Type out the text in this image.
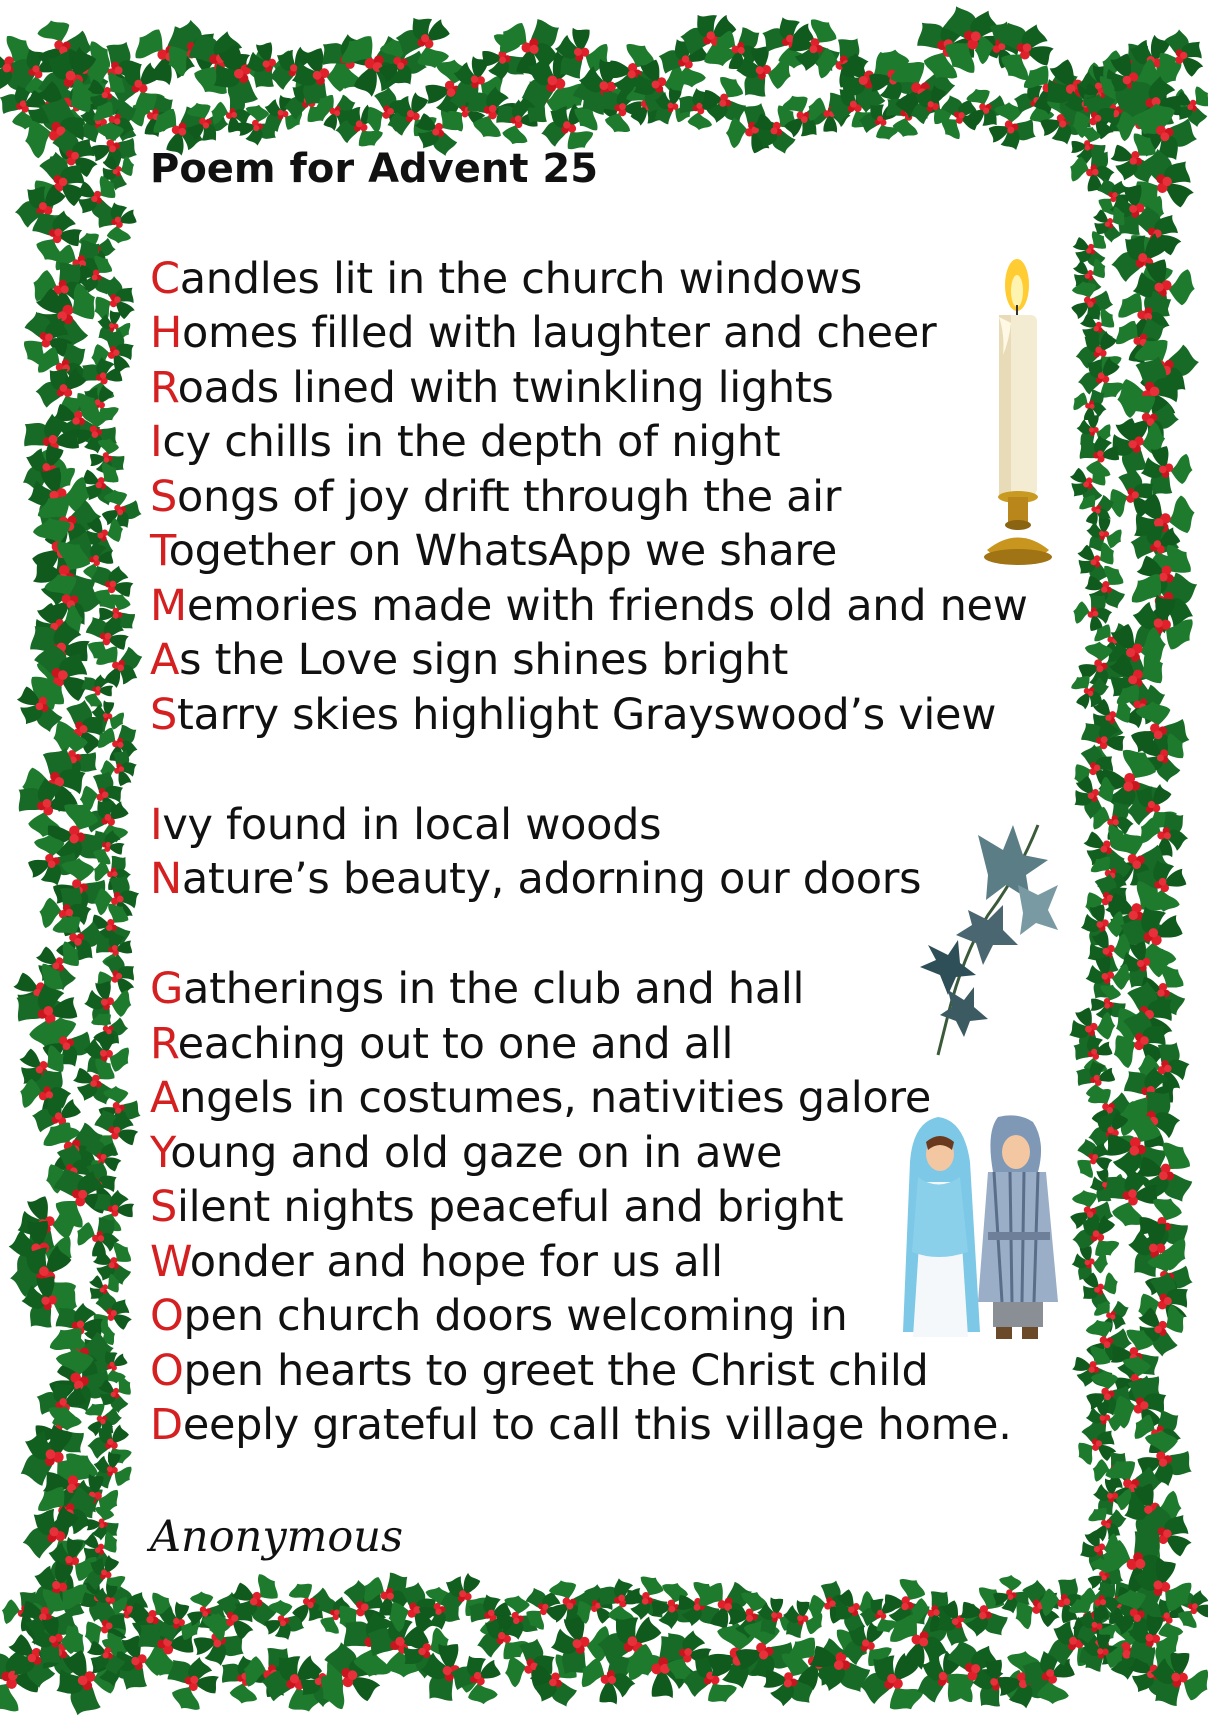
Poem for Advent 25
Candles lit in the church windows
Homes filled with laughter and cheer
Roads lined with twinkling lights
Icy chills in the depth of night
Songs of joy drift through the air
Together on WhatsApp we share
Memories made with friends old and new
As the Love sign shines bright
Starry skies highlight Grayswood’s view
Ivy found in local woods
Nature’s beauty, adorning our doors
Gatherings in the club and hall
Reaching out to one and all
Angels in costumes, nativities galore
Young and old gaze on in awe
Silent nights peaceful and bright
Wonder and hope for us all
Open church doors welcoming in
Open hearts to greet the Christ child
Deeply grateful to call this village home.
Anonymous
